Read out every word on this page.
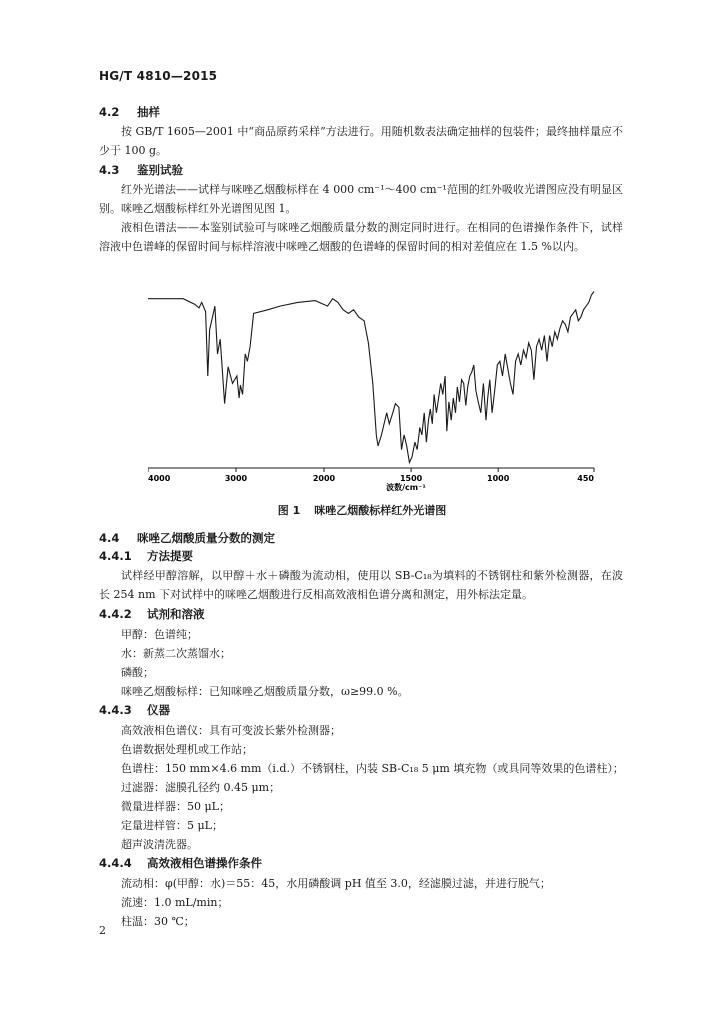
HG/T 4810—2015
4.2 抽样
按 GB/T 1605—2001 中“商品原药采样”方法进行。用随机数表法确定抽样的包装件；最终抽样量应不少于 100 g。
4.3 鉴别试验
红外光谱法——试样与咪唑乙烟酸标样在 4 000 cm⁻¹～400 cm⁻¹范围的红外吸收光谱图应没有明显区别。咪唑乙烟酸标样红外光谱图见图 1。
液相色谱法——本鉴别试验可与咪唑乙烟酸质量分数的测定同时进行。在相同的色谱操作条件下，试样溶液中色谱峰的保留时间与标样溶液中咪唑乙烟酸的色谱峰的保留时间的相对差值应在 1.5 %以内。
4000	3000	2000	1500	1000	450
波数/cm⁻¹
图 1 咪唑乙烟酸标样红外光谱图
4.4 咪唑乙烟酸质量分数的测定
4.4.1 方法提要
试样经甲醇溶解，以甲醇＋水＋磷酸为流动相，使用以 SB-C₁₈为填料的不锈钢柱和紫外检测器，在波长 254 nm 下对试样中的咪唑乙烟酸进行反相高效液相色谱分离和测定，用外标法定量。
4.4.2 试剂和溶液
甲醇：色谱纯；
水：新蒸二次蒸馏水；
磷酸；
咪唑乙烟酸标样：已知咪唑乙烟酸质量分数，ω≥99.0 %。
4.4.3 仪器
高效液相色谱仪：具有可变波长紫外检测器；
色谱数据处理机或工作站；
色谱柱：150 mm×4.6 mm（i.d.）不锈钢柱，内装 SB-C₁₈ 5 μm 填充物（或具同等效果的色谱柱）；
过滤器：滤膜孔径约 0.45 μm；
微量进样器：50 μL；
定量进样管：5 μL；
超声波清洗器。
4.4.4 高效液相色谱操作条件
流动相：φ(甲醇：水)＝55：45，水用磷酸调 pH 值至 3.0，经滤膜过滤，并进行脱气；
流速：1.0 mL/min；
柱温：30 ℃；
2
